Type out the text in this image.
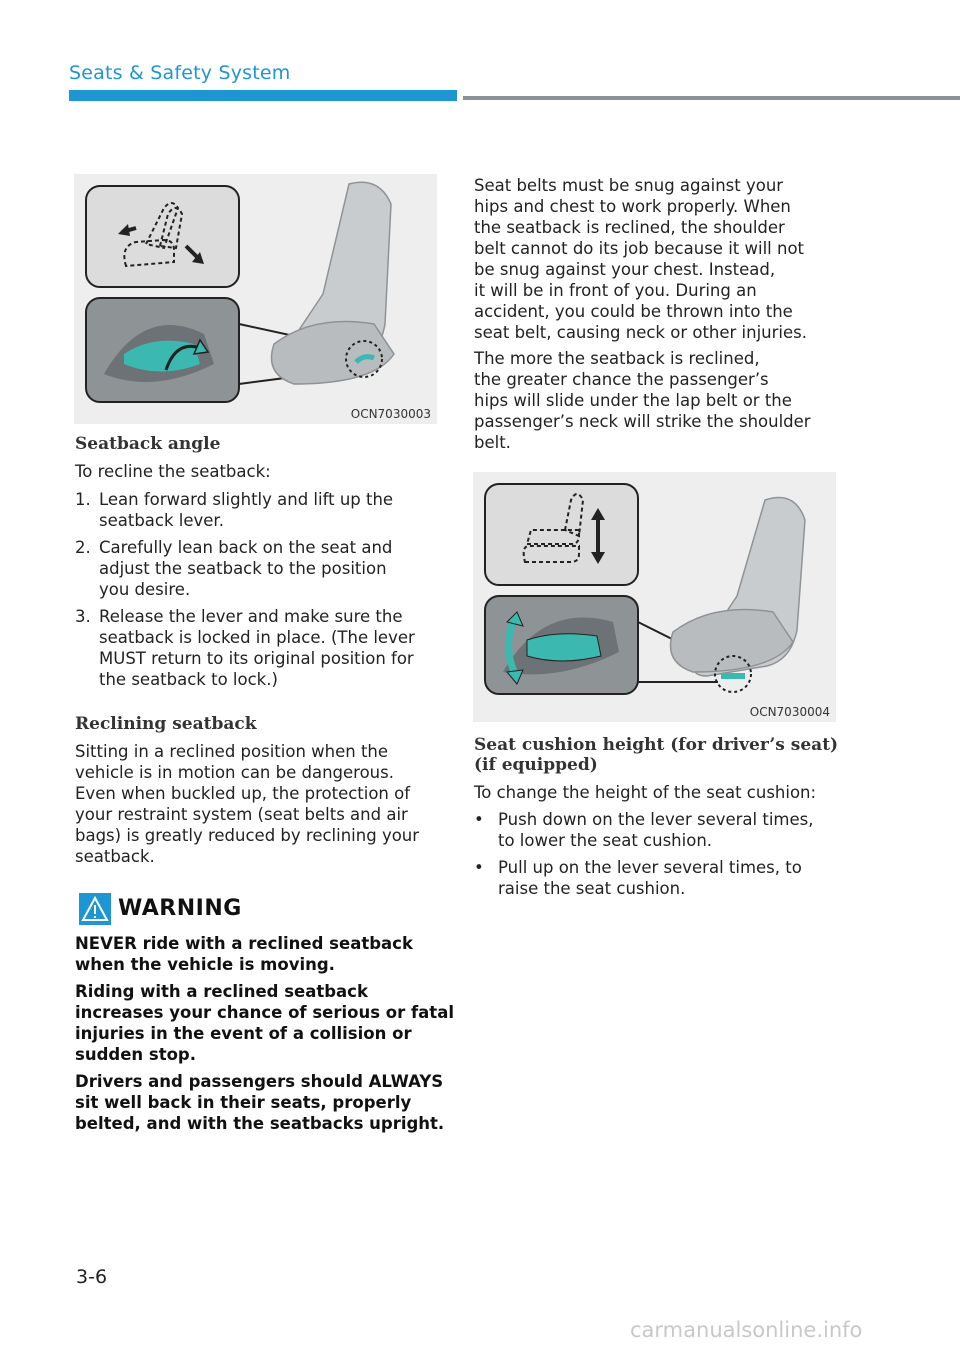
Seats & Safety System
OCN7030003
Seatback angle
To recline the seatback:
1. Lean forward slightly and lift up the
seatback lever.
2. Carefully lean back on the seat and
adjust the seatback to the position
you desire.
3. Release the lever and make sure the
seatback is locked in place. (The lever
MUST return to its original position for
the seatback to lock.)
Reclining seatback
Sitting in a reclined position when the
vehicle is in motion can be dangerous.
Even when buckled up, the protection of
your restraint system (seat belts and air
bags) is greatly reduced by reclining your
seatback.
WARNING
NEVER ride with a reclined seatback
when the vehicle is moving.
Riding with a reclined seatback
increases your chance of serious or fatal
injuries in the event of a collision or
sudden stop.
Drivers and passengers should ALWAYS
sit well back in their seats, properly
belted, and with the seatbacks upright.
Seat belts must be snug against your
hips and chest to work properly. When
the seatback is reclined, the shoulder
belt cannot do its job because it will not
be snug against your chest. Instead,
it will be in front of you. During an
accident, you could be thrown into the
seat belt, causing neck or other injuries.
The more the seatback is reclined,
the greater chance the passenger’s
hips will slide under the lap belt or the
passenger’s neck will strike the shoulder
belt.
OCN7030004
Seat cushion height (for driver’s seat)
(if equipped)
To change the height of the seat cushion:
• Push down on the lever several times,
to lower the seat cushion.
• Pull up on the lever several times, to
raise the seat cushion.
3-6
carmanualsonline.info
